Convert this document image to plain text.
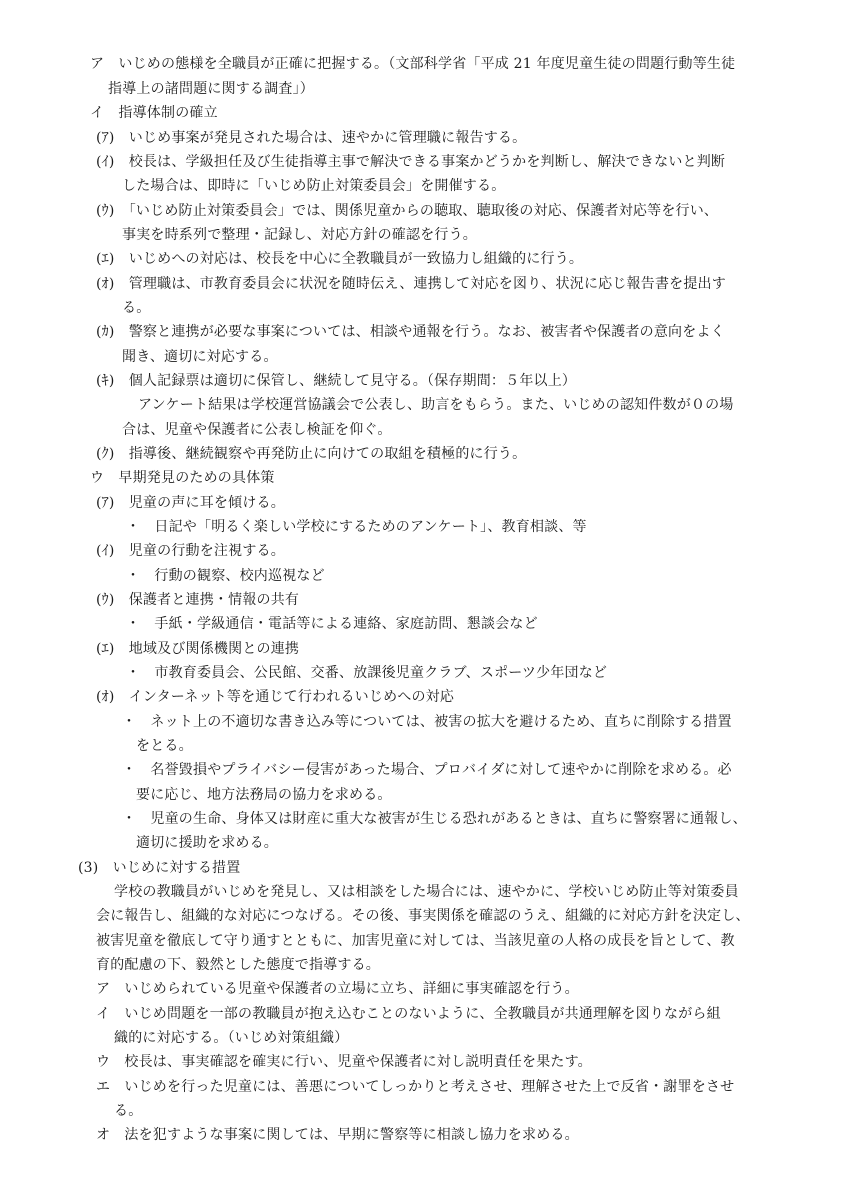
ア　いじめの態様を全職員が正確に把握する。（文部科学省「平成 21 年度児童生徒の問題行動等生徒
指導上の諸問題に関する調査」）
イ　指導体制の確立
(ｱ)　いじめ事案が発見された場合は、速やかに管理職に報告する。
(ｲ)　校長は、学級担任及び生徒指導主事で解決できる事案かどうかを判断し、解決できないと判断
した場合は、即時に「いじめ防止対策委員会」を開催する。
(ｳ)　「いじめ防止対策委員会」では、関係児童からの聴取、聴取後の対応、保護者対応等を行い、
事実を時系列で整理・記録し、対応方針の確認を行う。
(ｴ)　いじめへの対応は、校長を中心に全教職員が一致協力し組織的に行う。
(ｵ)　管理職は、市教育委員会に状況を随時伝え、連携して対応を図り、状況に応じ報告書を提出す
る。
(ｶ)　警察と連携が必要な事案については、相談や通報を行う。なお、被害者や保護者の意向をよく
聞き、適切に対応する。
(ｷ)　個人記録票は適切に保管し、継続して見守る。（保存期間：５年以上）
アンケート結果は学校運営協議会で公表し、助言をもらう。また、いじめの認知件数が０の場
合は、児童や保護者に公表し検証を仰ぐ。
(ｸ)　指導後、継続観察や再発防止に向けての取組を積極的に行う。
ウ　早期発見のための具体策
(ｱ)　児童の声に耳を傾ける。
・　日記や「明るく楽しい学校にするためのアンケート」、教育相談、等
(ｲ)　児童の行動を注視する。
・　行動の観察、校内巡視など
(ｳ)　保護者と連携・情報の共有
・　手紙・学級通信・電話等による連絡、家庭訪問、懇談会など
(ｴ)　地域及び関係機関との連携
・　市教育委員会、公民館、交番、放課後児童クラブ、スポーツ少年団など
(ｵ)　インターネット等を通じて行われるいじめへの対応
・　ネット上の不適切な書き込み等については、被害の拡大を避けるため、直ちに削除する措置
をとる。
・　名誉毀損やプライバシー侵害があった場合、プロバイダに対して速やかに削除を求める。必
要に応じ、地方法務局の協力を求める。
・　児童の生命、身体又は財産に重大な被害が生じる恐れがあるときは、直ちに警察署に通報し、
適切に援助を求める。
(3)　いじめに対する措置
学校の教職員がいじめを発見し、又は相談をした場合には、速やかに、学校いじめ防止等対策委員
会に報告し、組織的な対応につなげる。その後、事実関係を確認のうえ、組織的に対応方針を決定し、
被害児童を徹底して守り通すとともに、加害児童に対しては、当該児童の人格の成長を旨として、教
育的配慮の下、毅然とした態度で指導する。
ア　いじめられている児童や保護者の立場に立ち、詳細に事実確認を行う。
イ　いじめ問題を一部の教職員が抱え込むことのないように、全教職員が共通理解を図りながら組
織的に対応する。（いじめ対策組織）
ウ　校長は、事実確認を確実に行い、児童や保護者に対し説明責任を果たす。
エ　いじめを行った児童には、善悪についてしっかりと考えさせ、理解させた上で反省・謝罪をさせ
る。
オ　法を犯すような事案に関しては、早期に警察等に相談し協力を求める。
